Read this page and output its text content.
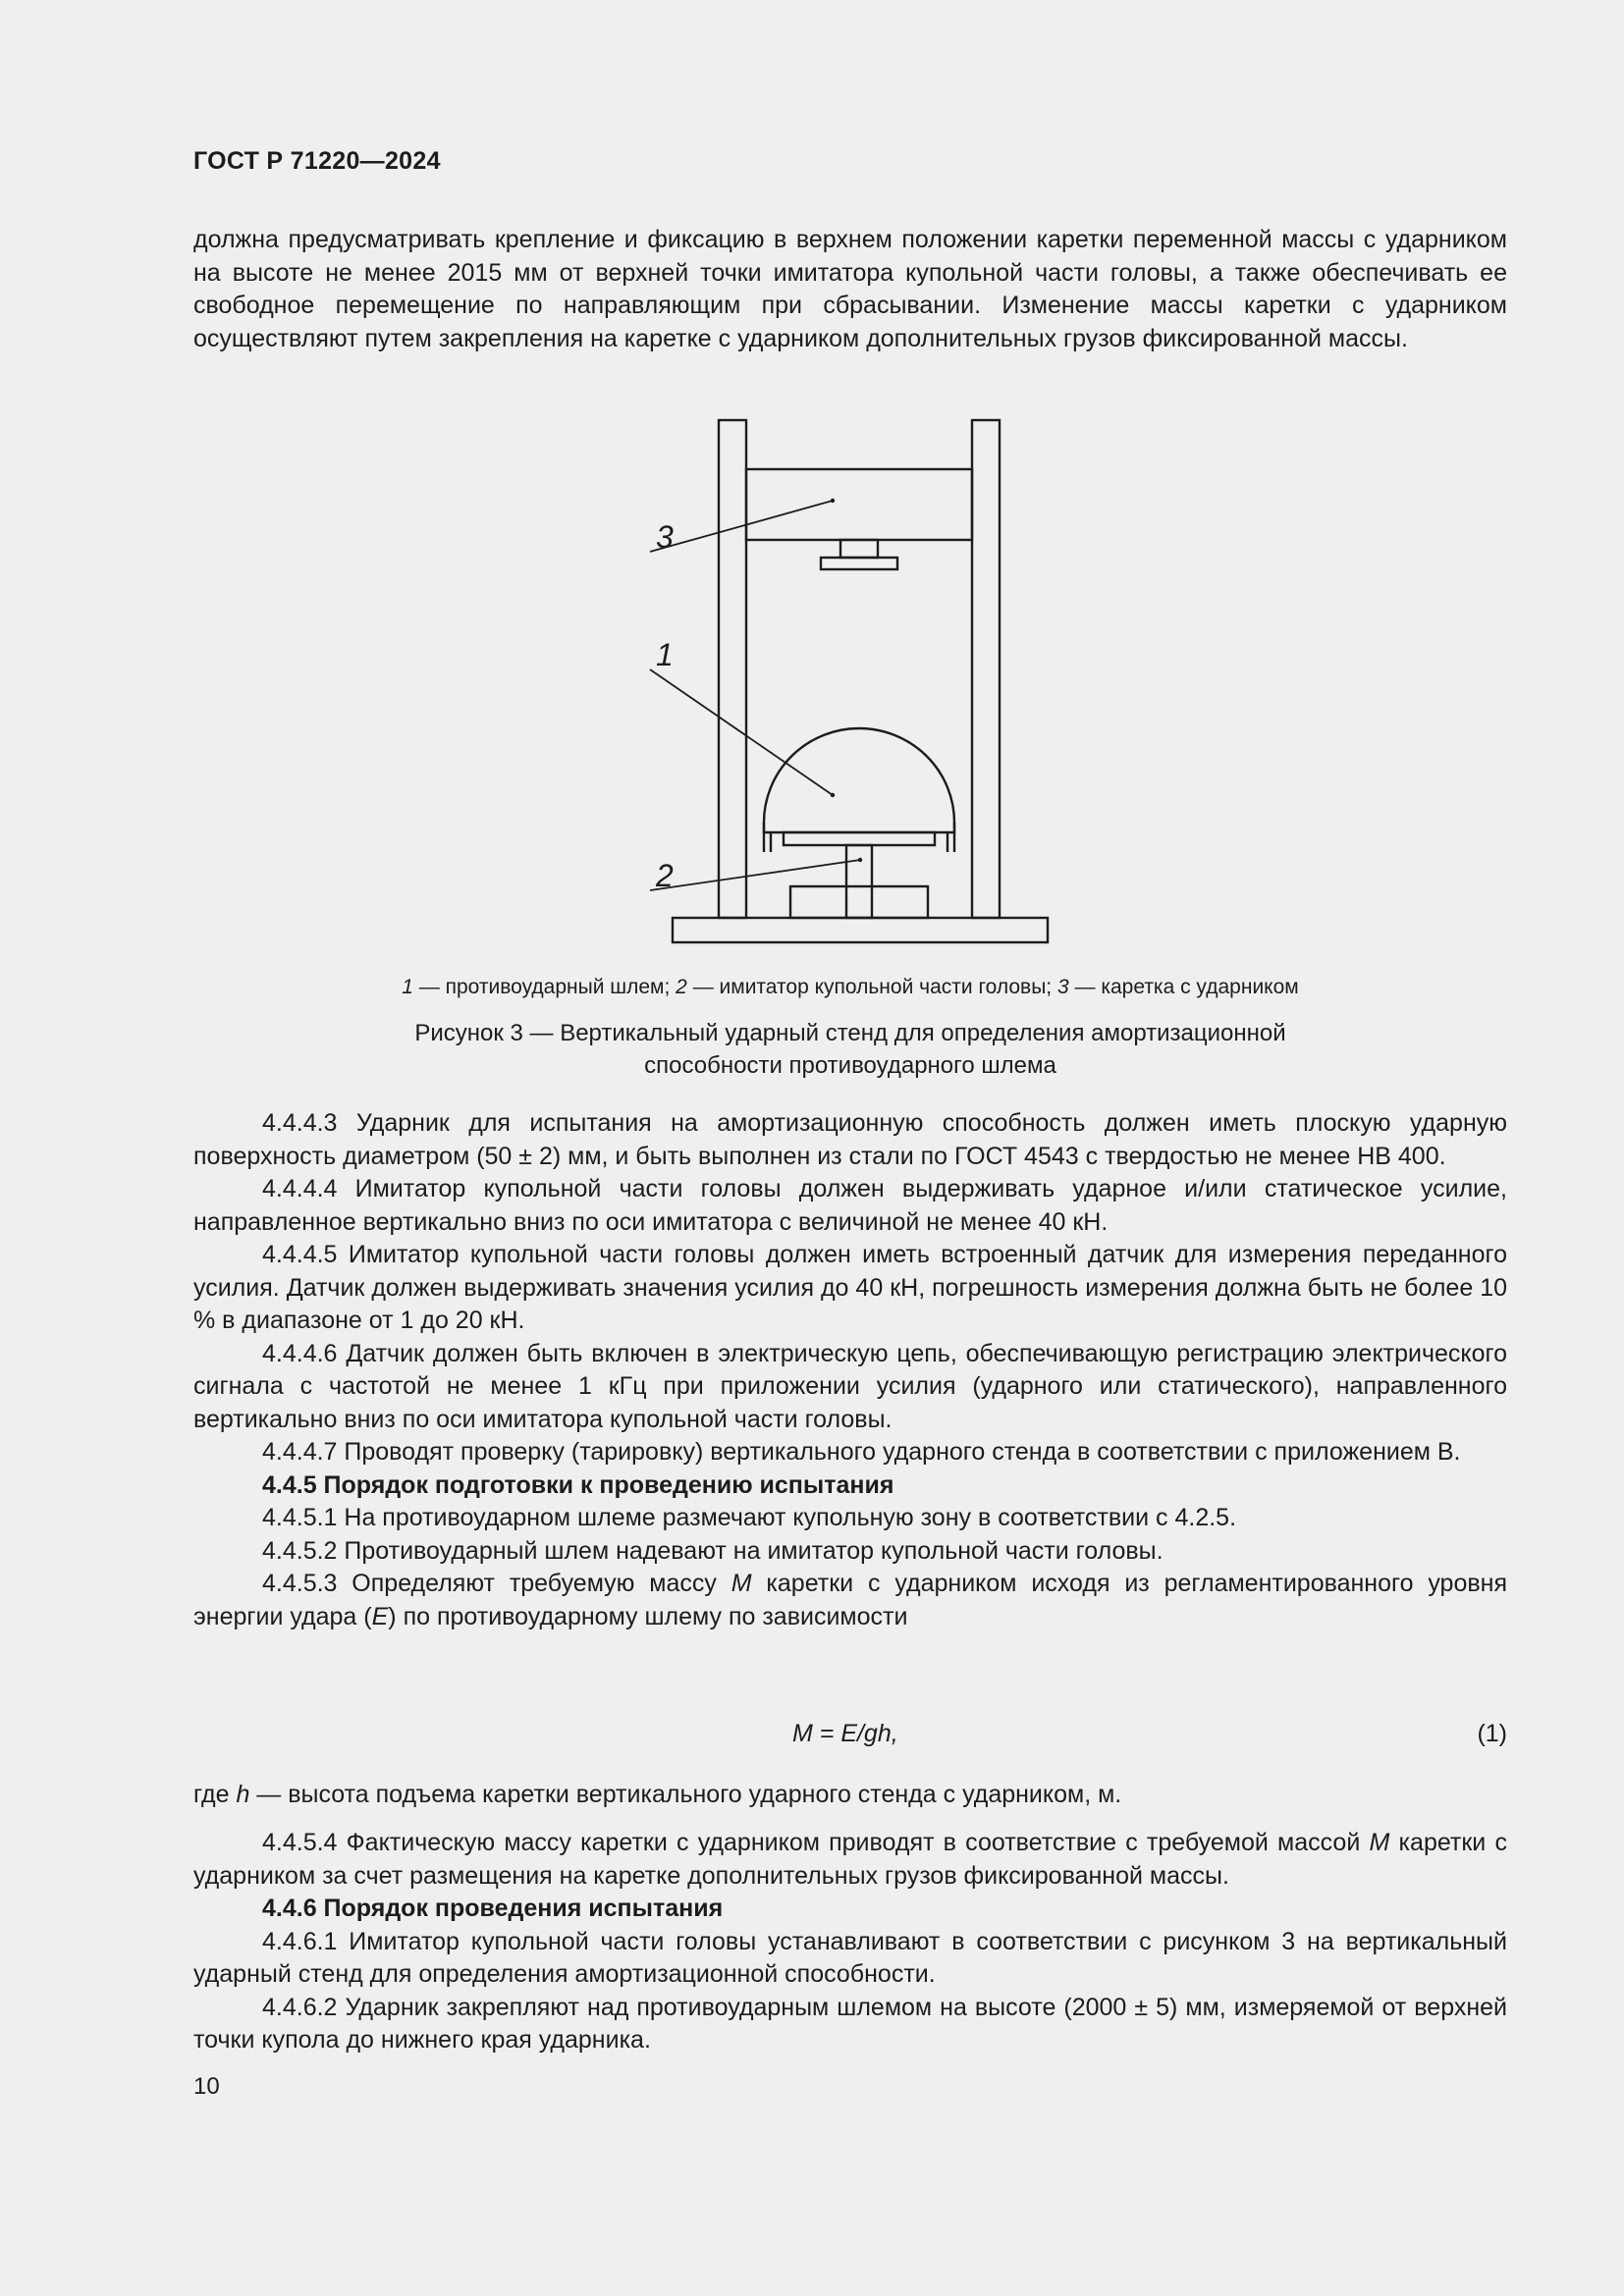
ГОСТ Р 71220—2024

должна предусматривать крепление и фиксацию в верхнем положении каретки переменной массы с ударником на высоте не менее 2015 мм от верхней точки имитатора купольной части головы, а также обеспечивать ее свободное перемещение по направляющим при сбрасывании. Изменение массы каретки с ударником осуществляют путем закрепления на каретке с ударником дополнительных грузов фиксированной массы.

3
1
2
1 — противоударный шлем; 2 — имитатор купольной части головы; 3 — каретка с ударником
Рисунок 3 — Вертикальный ударный стенд для определения амортизационной
способности противоударного шлема

4.4.4.3 Ударник для испытания на амортизационную способность должен иметь плоскую ударную поверхность диаметром (50 ± 2) мм, и быть выполнен из стали по ГОСТ 4543 с твердостью не менее НВ 400.

4.4.4.4 Имитатор купольной части головы должен выдерживать ударное и/или статическое усилие, направленное вертикально вниз по оси имитатора с величиной не менее 40 кН.

4.4.4.5 Имитатор купольной части головы должен иметь встроенный датчик для измерения переданного усилия. Датчик должен выдерживать значения усилия до 40 кН, погрешность измерения должна быть не более 10 % в диапазоне от 1 до 20 кН.

4.4.4.6 Датчик должен быть включен в электрическую цепь, обеспечивающую регистрацию электрического сигнала с частотой не менее 1 кГц при приложении усилия (ударного или статического), направленного вертикально вниз по оси имитатора купольной части головы.

4.4.4.7 Проводят проверку (тарировку) вертикального ударного стенда в соответствии с приложением В.

4.4.5 Порядок подготовки к проведению испытания

4.4.5.1 На противоударном шлеме размечают купольную зону в соответствии с 4.2.5.

4.4.5.2 Противоударный шлем надевают на имитатор купольной части головы.

4.4.5.3 Определяют требуемую массу М каретки с ударником исходя из регламентированного уровня энергии удара (Е) по противоударному шлему по зависимости

M = E/gh,	(1)
где h — высота подъема каретки вертикального ударного стенда с ударником, м.

4.4.5.4 Фактическую массу каретки с ударником приводят в соответствие с требуемой массой М каретки с ударником за счет размещения на каретке дополнительных грузов фиксированной массы.

4.4.6 Порядок проведения испытания

4.4.6.1 Имитатор купольной части головы устанавливают в соответствии с рисунком 3 на вертикальный ударный стенд для определения амортизационной способности.

4.4.6.2 Ударник закрепляют над противоударным шлемом на высоте (2000 ± 5) мм, измеряемой от верхней точки купола до нижнего края ударника.

10
